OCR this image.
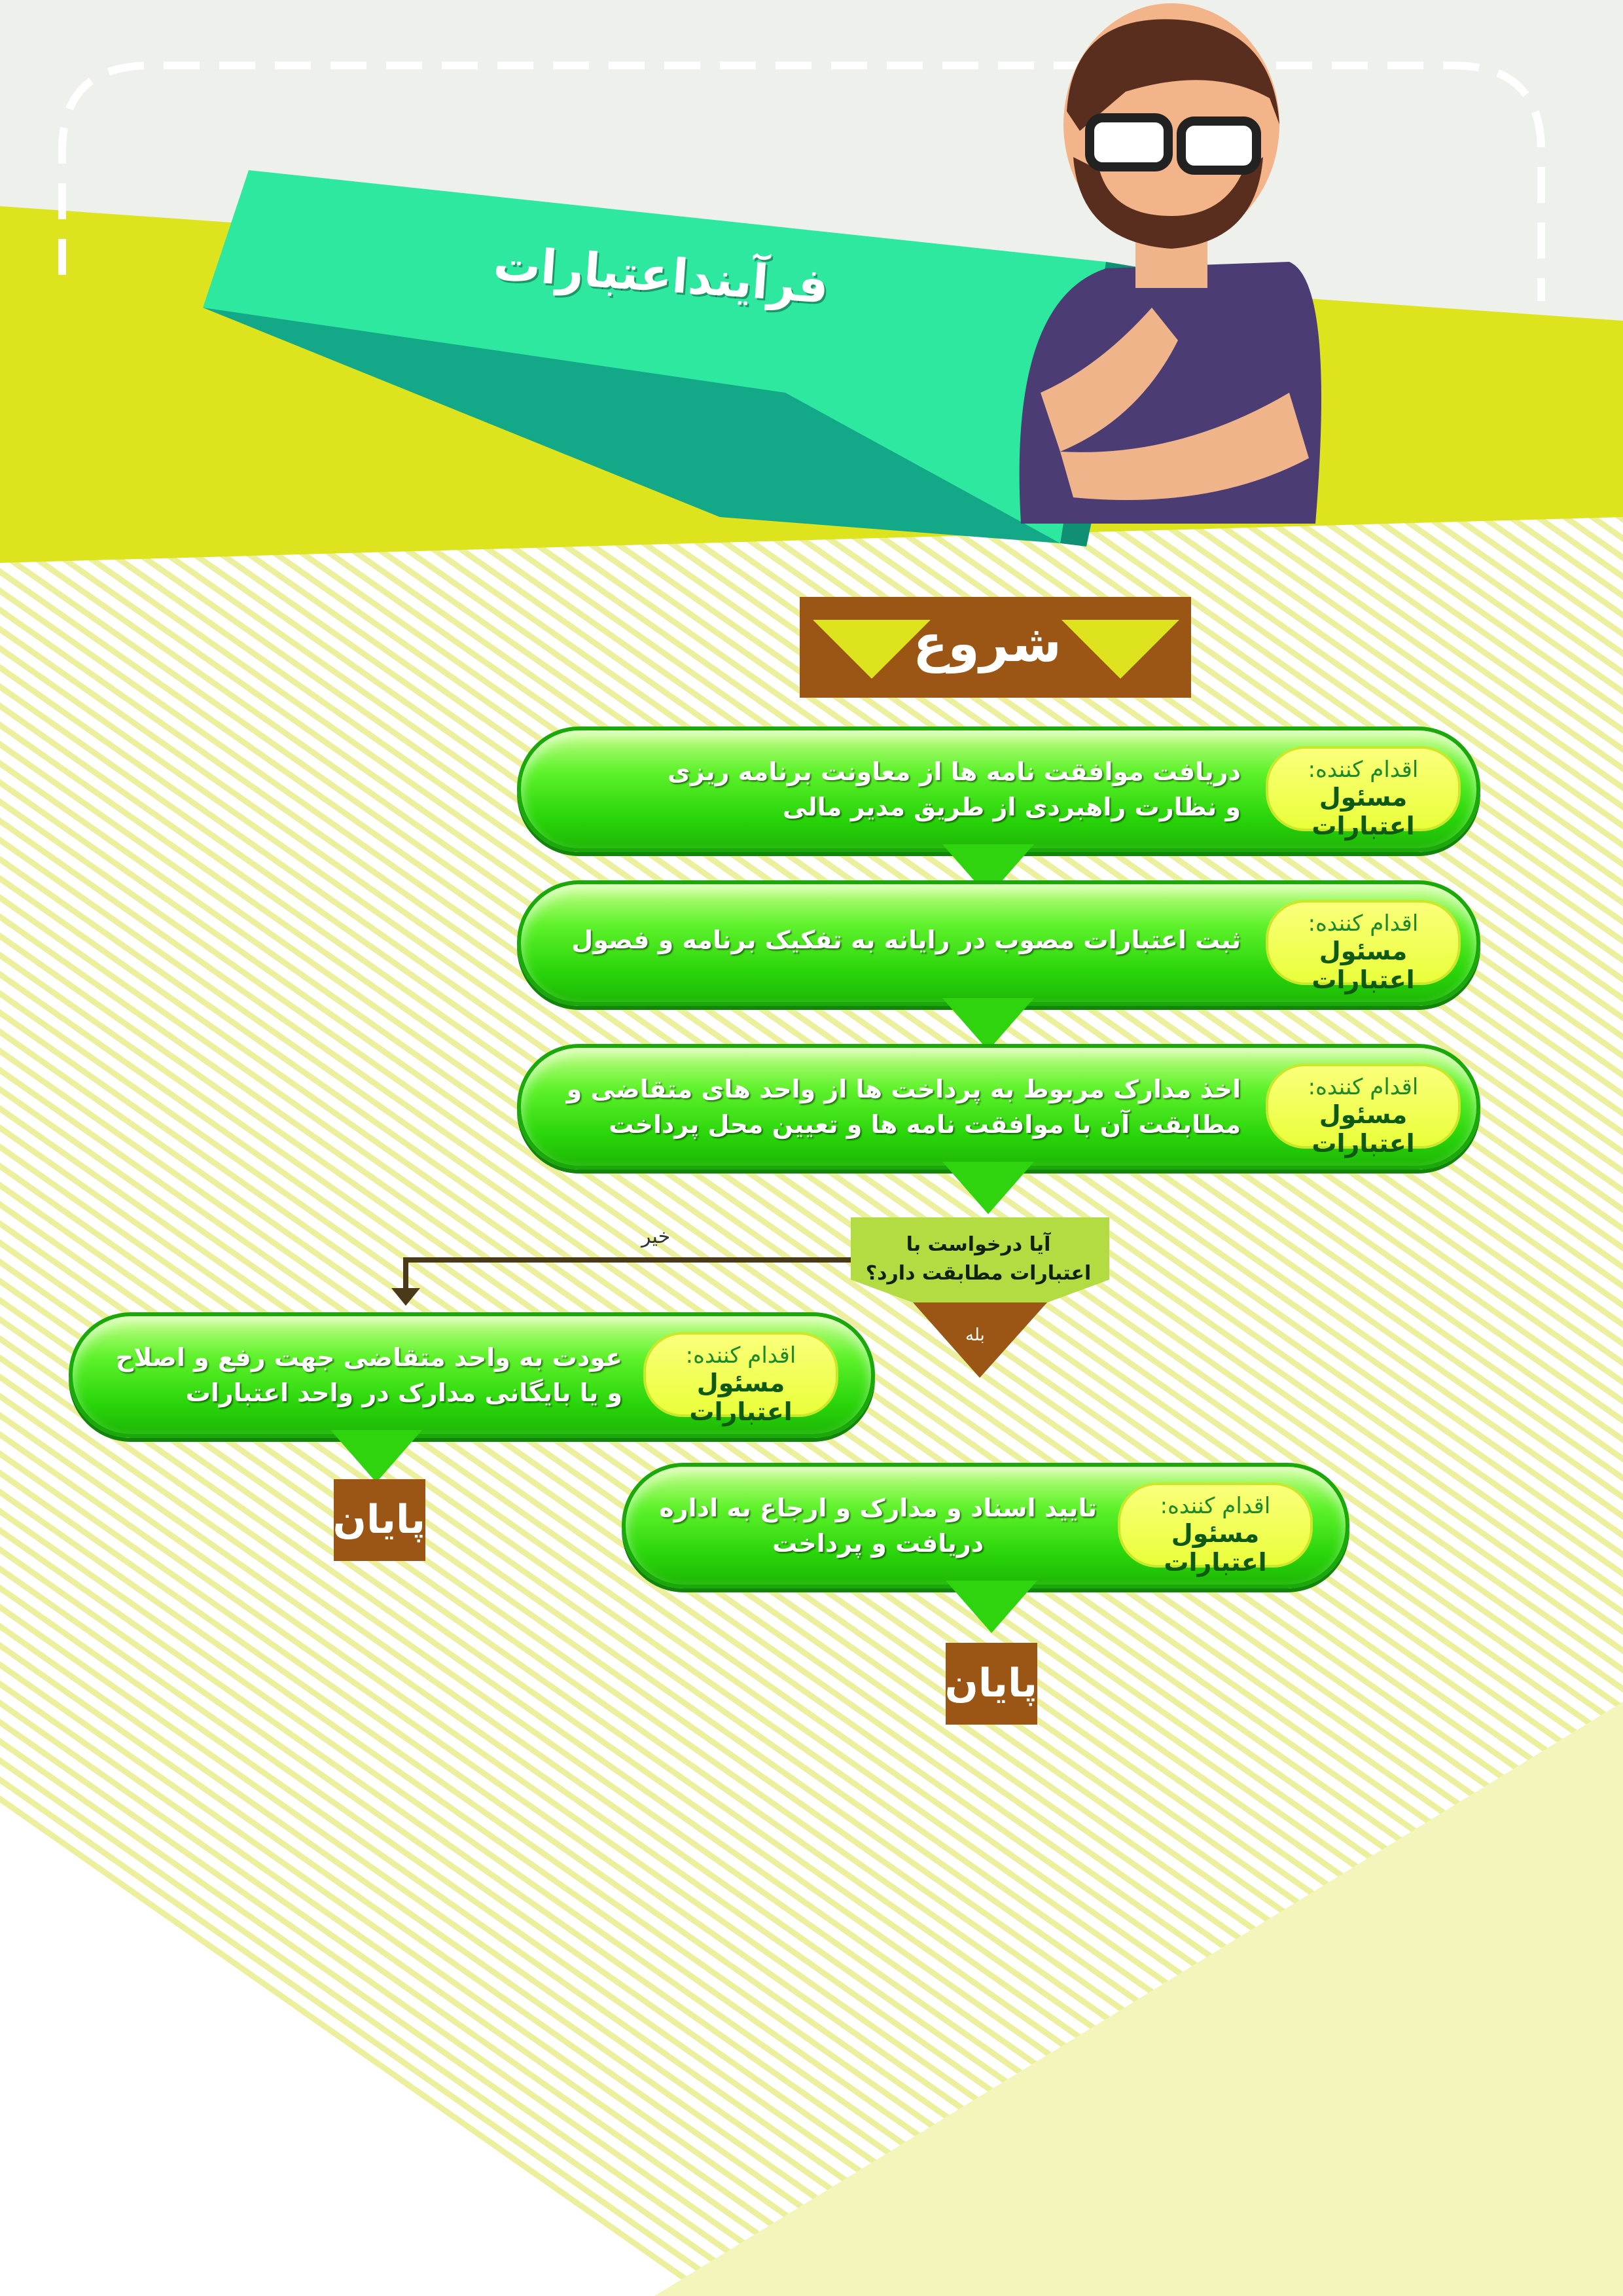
فرآینداعتبارات
شروع
دریافت موافقت نامه ها از معاونت برنامه ریزی
و نظارت راهبردی از طریق مدیر مالی
اقدام کننده:
مسئول اعتبارات
ثبت اعتبارات مصوب در رایانه به تفکیک برنامه و فصول
اقدام کننده:
مسئول اعتبارات
اخذ مدارک مربوط به پرداخت ها از واحد های متقاضی و
مطابقت آن با موافقت نامه ها و تعیین محل پرداخت
اقدام کننده:
مسئول اعتبارات
آیا درخواست با
اعتبارات مطابقت دارد؟
خیر
بله
عودت به واحد متقاضی جهت رفع و اصلاح
و یا بایگانی مدارک در واحد اعتبارات
اقدام کننده:
مسئول اعتبارات
پایان	تایید اسناد و مدارک و ارجاع به اداره
دریافت و پرداخت
اقدام کننده:
مسئول اعتبارات
پایان
